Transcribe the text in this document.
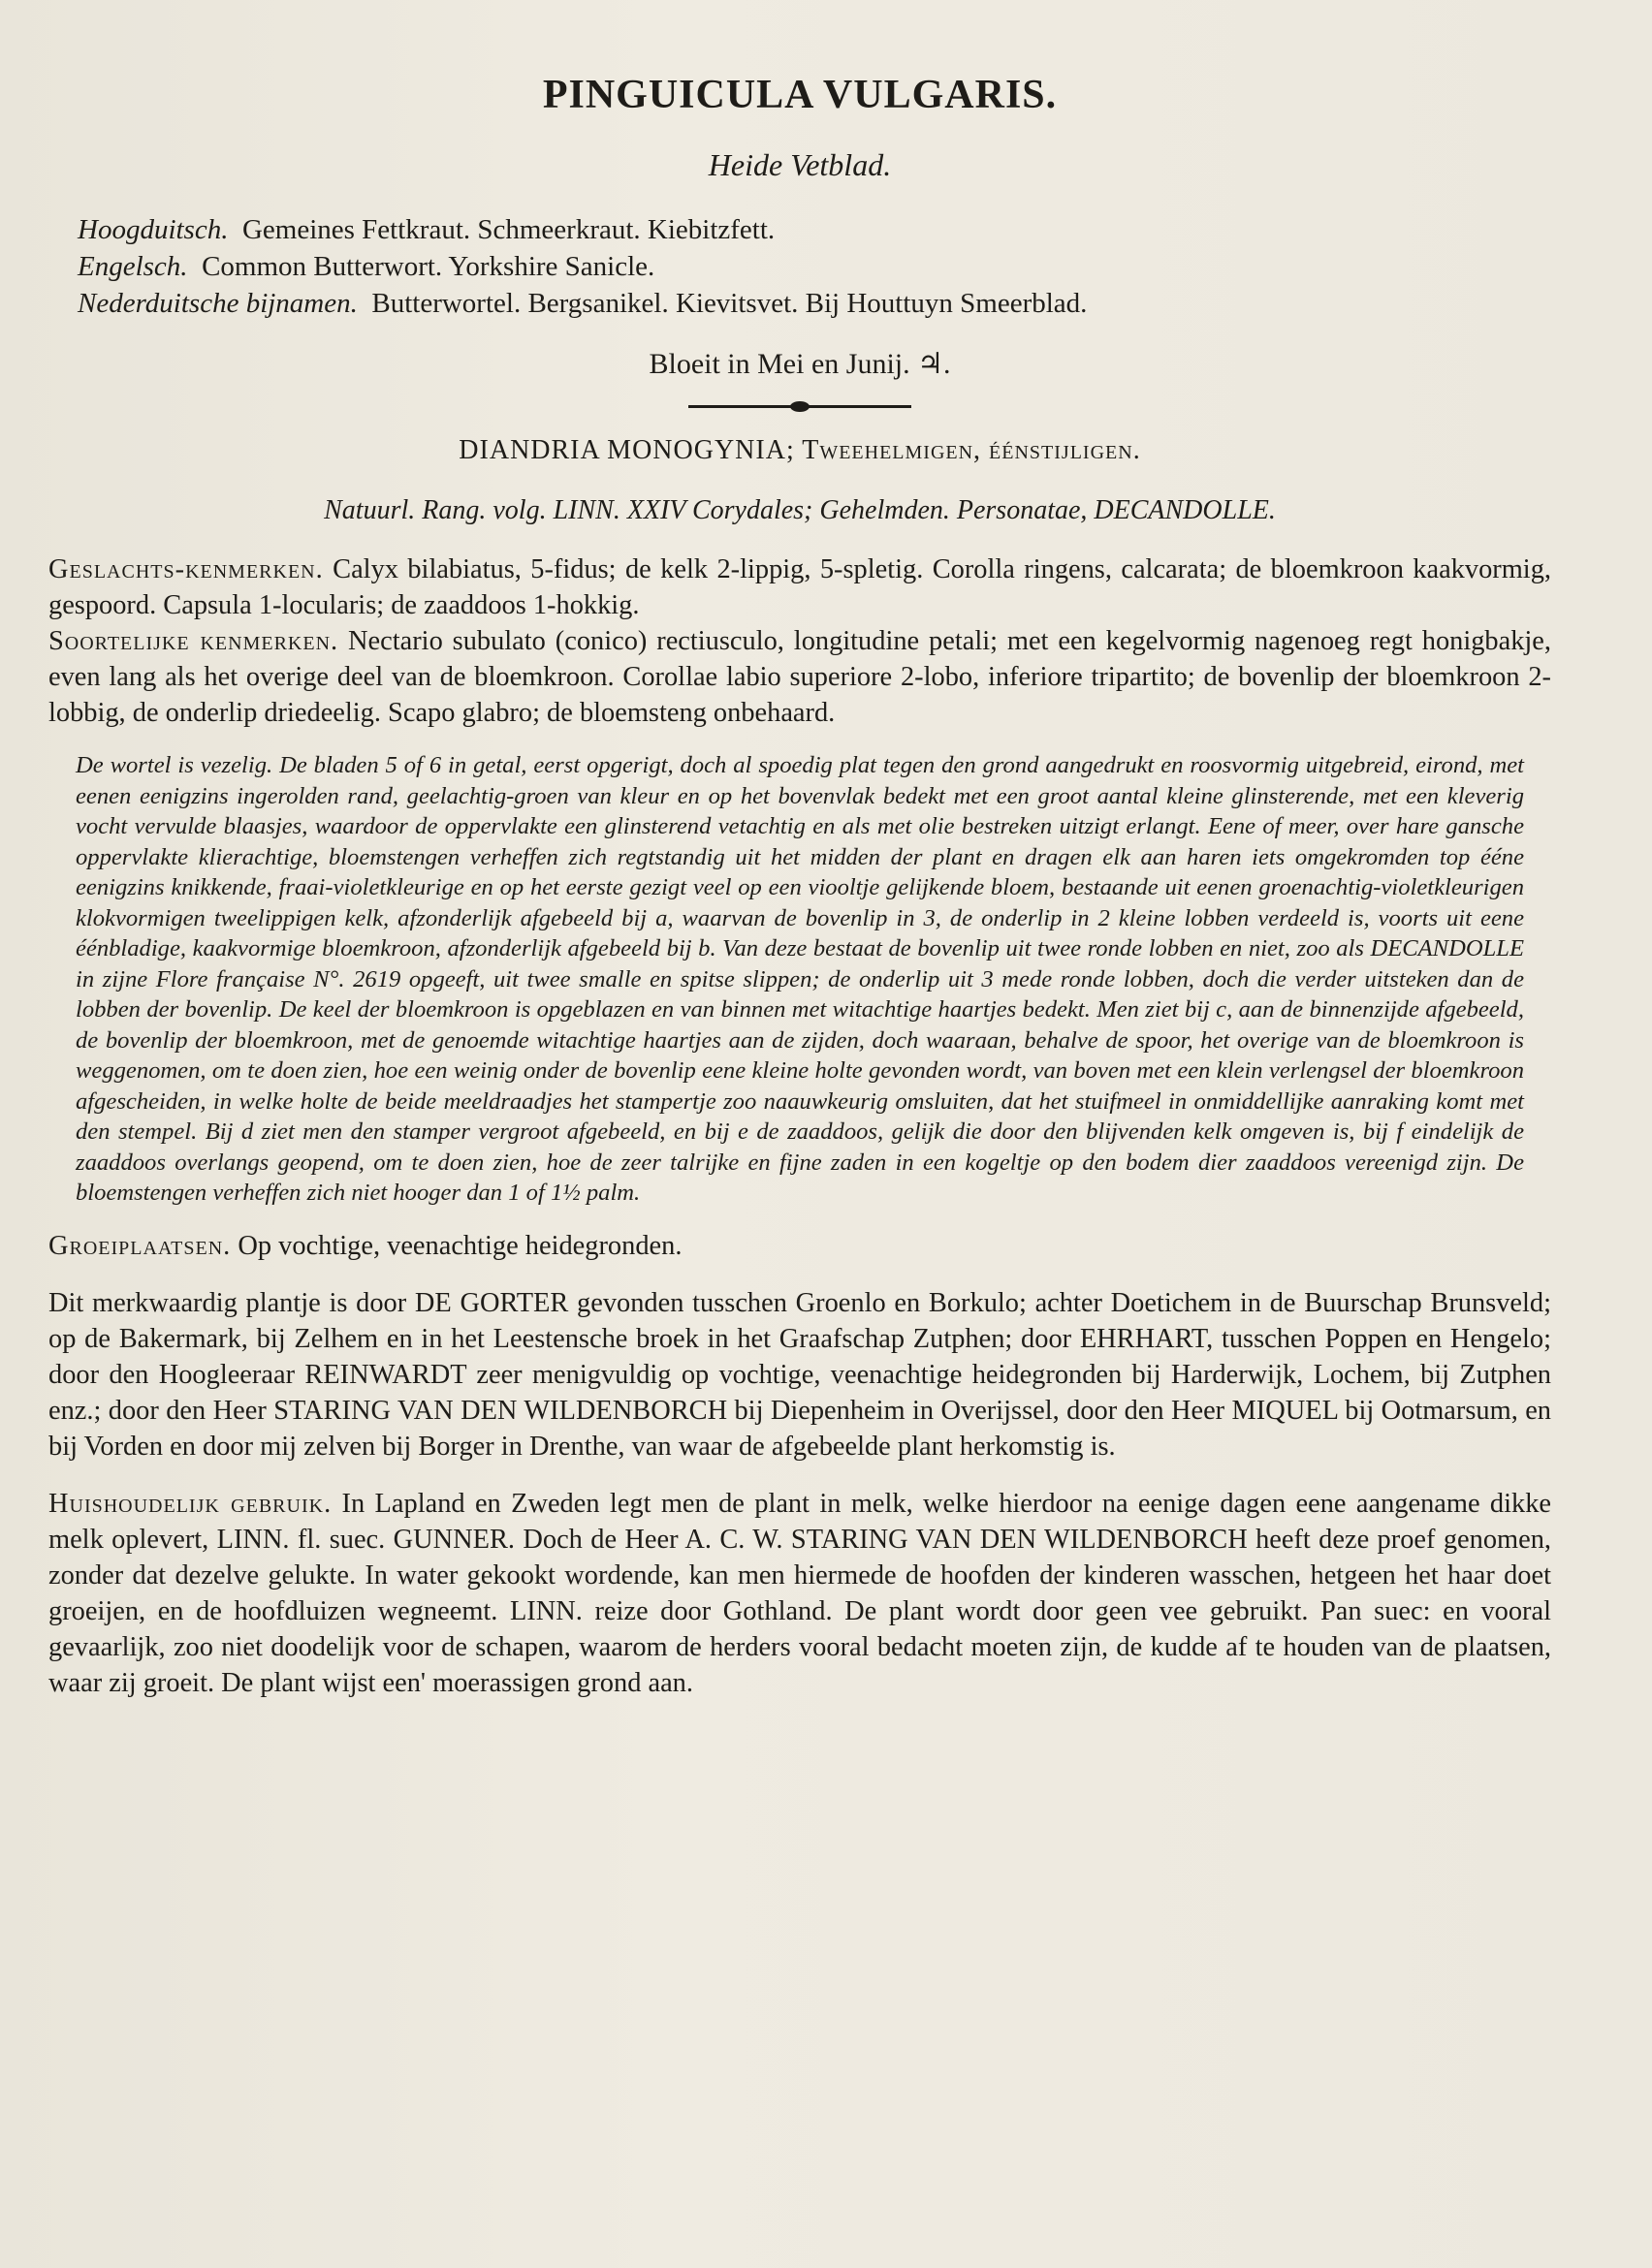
PINGUICULA VULGARIS.
Heide Vetblad.
Hoogduitsch. Gemeines Fettkraut. Schmeerkraut. Kiebitzfett.
Engelsch. Common Butterwort. Yorkshire Sanicle.
Nederduitsche bijnamen. Butterwortel. Bergsanikel. Kievitsvet. Bij Houttuyn Smeerblad.
Bloeit in Mei en Junij. ♃.
DIANDRIA MONOGYNIA; Tweehelmigen, éénstijligen.
Natuurl. Rang. volg. LINN. XXIV Corydales; Gehelmden. Personatae, DECANDOLLE.

Geslachts-kenmerken. Calyx bilabiatus, 5-fidus; de kelk 2-lippig, 5-spletig. Corolla ringens, calcarata; de bloemkroon kaakvormig, gespoord. Capsula 1-locularis; de zaaddoos 1-hokkig.

Soortelijke kenmerken. Nectario subulato (conico) rectiusculo, longitudine petali; met een kegelvormig nagenoeg regt honigbakje, even lang als het overige deel van de bloemkroon. Corollae labio superiore 2-lobo, inferiore tripartito; de bovenlip der bloemkroon 2-lobbig, de onderlip driedeelig. Scapo glabro; de bloemsteng onbehaard.

De wortel is vezelig. De bladen 5 of 6 in getal, eerst opgerigt, doch al spoedig plat tegen den grond aangedrukt en roosvormig uitgebreid, eirond, met eenen eenigzins ingerolden rand, geelachtig-groen van kleur en op het bovenvlak bedekt met een groot aantal kleine glinsterende, met een kleverig vocht vervulde blaasjes, waardoor de oppervlakte een glinsterend vetachtig en als met olie bestreken uitzigt erlangt. Eene of meer, over hare gansche oppervlakte klierachtige, bloemstengen verheffen zich regtstandig uit het midden der plant en dragen elk aan haren iets omgekromden top ééne eenigzins knikkende, fraai-violetkleurige en op het eerste gezigt veel op een viooltje gelijkende bloem, bestaande uit eenen groenachtig-violetkleurigen klokvormigen tweelippigen kelk, afzonderlijk afgebeeld bij a, waarvan de bovenlip in 3, de onderlip in 2 kleine lobben verdeeld is, voorts uit eene éénbladige, kaakvormige bloemkroon, afzonderlijk afgebeeld bij b. Van deze bestaat de bovenlip uit twee ronde lobben en niet, zoo als DECANDOLLE in zijne Flore française N°. 2619 opgeeft, uit twee smalle en spitse slippen; de onderlip uit 3 mede ronde lobben, doch die verder uitsteken dan de lobben der bovenlip. De keel der bloemkroon is opgeblazen en van binnen met witachtige haartjes bedekt. Men ziet bij c, aan de binnenzijde afgebeeld, de bovenlip der bloemkroon, met de genoemde witachtige haartjes aan de zijden, doch waaraan, behalve de spoor, het overige van de bloemkroon is weggenomen, om te doen zien, hoe een weinig onder de bovenlip eene kleine holte gevonden wordt, van boven met een klein verlengsel der bloemkroon afgescheiden, in welke holte de beide meeldraadjes het stampertje zoo naauwkeurig omsluiten, dat het stuifmeel in onmiddellijke aanraking komt met den stempel. Bij d ziet men den stamper vergroot afgebeeld, en bij e de zaaddoos, gelijk die door den blijvenden kelk omgeven is, bij f eindelijk de zaaddoos overlangs geopend, om te doen zien, hoe de zeer talrijke en fijne zaden in een kogeltje op den bodem dier zaaddoos vereenigd zijn. De bloemstengen verheffen zich niet hooger dan 1 of 1½ palm.

Groeiplaatsen. Op vochtige, veenachtige heidegronden.

Dit merkwaardig plantje is door DE GORTER gevonden tusschen Groenlo en Borkulo; achter Doetichem in de Buurschap Brunsveld; op de Bakermark, bij Zelhem en in het Leestensche broek in het Graafschap Zutphen; door EHRHART, tusschen Poppen en Hengelo; door den Hoogleeraar REINWARDT zeer menigvuldig op vochtige, veenachtige heidegronden bij Harderwijk, Lochem, bij Zutphen enz.; door den Heer STARING VAN DEN WILDENBORCH bij Diepenheim in Overijssel, door den Heer MIQUEL bij Ootmarsum, en bij Vorden en door mij zelven bij Borger in Drenthe, van waar de afgebeelde plant herkomstig is.

Huishoudelijk gebruik. In Lapland en Zweden legt men de plant in melk, welke hierdoor na eenige dagen eene aangename dikke melk oplevert, LINN. fl. suec. GUNNER. Doch de Heer A. C. W. STARING VAN DEN WILDENBORCH heeft deze proef genomen, zonder dat dezelve gelukte. In water gekookt wordende, kan men hiermede de hoofden der kinderen wasschen, hetgeen het haar doet groeijen, en de hoofdluizen wegneemt. LINN. reize door Gothland. De plant wordt door geen vee gebruikt. Pan suec: en vooral gevaarlijk, zoo niet doodelijk voor de schapen, waarom de herders vooral bedacht moeten zijn, de kudde af te houden van de plaatsen, waar zij groeit. De plant wijst een' moerassigen grond aan.
